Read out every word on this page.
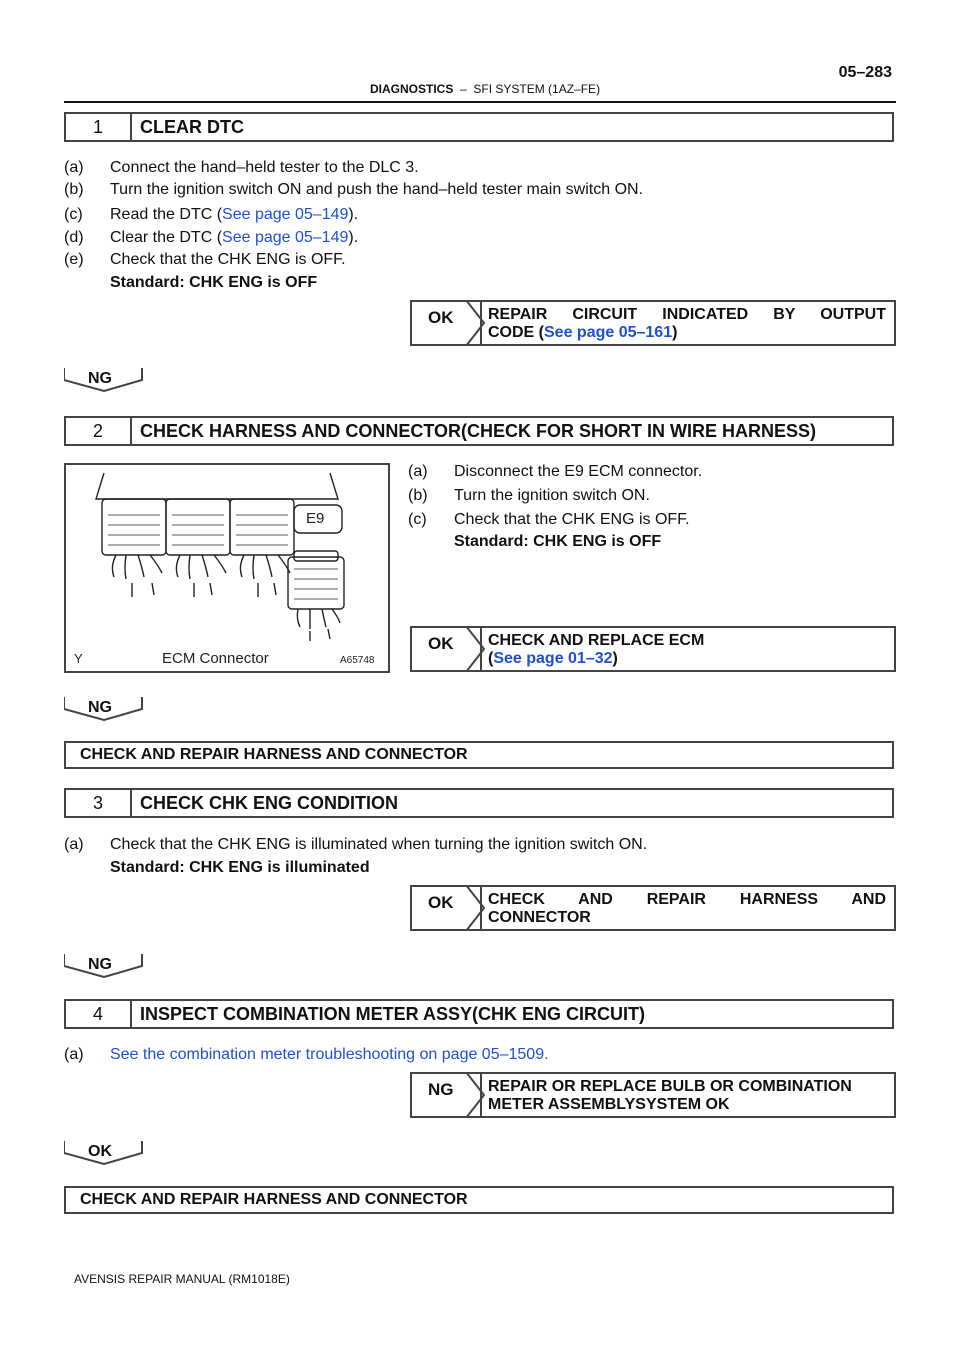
DIAGNOSTICS – SFI SYSTEM (1AZ–FE)
05–283
1	CLEAR DTC
(a) Connect the hand–held tester to the DLC 3.
(b) Turn the ignition switch ON and push the hand–held tester main switch ON.
(c) Read the DTC (See page 05–149).
(d) Clear the DTC (See page 05–149).
(e) Check that the CHK ENG is OFF.
Standard: CHK ENG is OFF
OK REPAIR CIRCUIT INDICATED BY OUTPUT
CODE (See page 05–161)
NG
2	CHECK HARNESS AND CONNECTOR(CHECK FOR SHORT IN WIRE HARNESS)
E9
Y	ECM Connector	A65748
(a) Disconnect the E9 ECM connector.
(b) Turn the ignition switch ON.
(c) Check that the CHK ENG is OFF.
Standard: CHK ENG is OFF
OK	CHECK AND REPLACE ECM
(See page 01–32)
NG
CHECK AND REPAIR HARNESS AND CONNECTOR
3	CHECK CHK ENG CONDITION
(a) Check that the CHK ENG is illuminated when turning the ignition switch ON.
Standard: CHK ENG is illuminated
OK CHECK AND REPAIR HARNESS AND
CONNECTOR
NG
4	INSPECT COMBINATION METER ASSY(CHK ENG CIRCUIT)
(a) See the combination meter troubleshooting on page 05–1509.
NG	REPAIR OR REPLACE BULB OR COMBINATION
METER ASSEMBLYSYSTEM OK
OK
CHECK AND REPAIR HARNESS AND CONNECTOR
AVENSIS REPAIR MANUAL (RM1018E)
